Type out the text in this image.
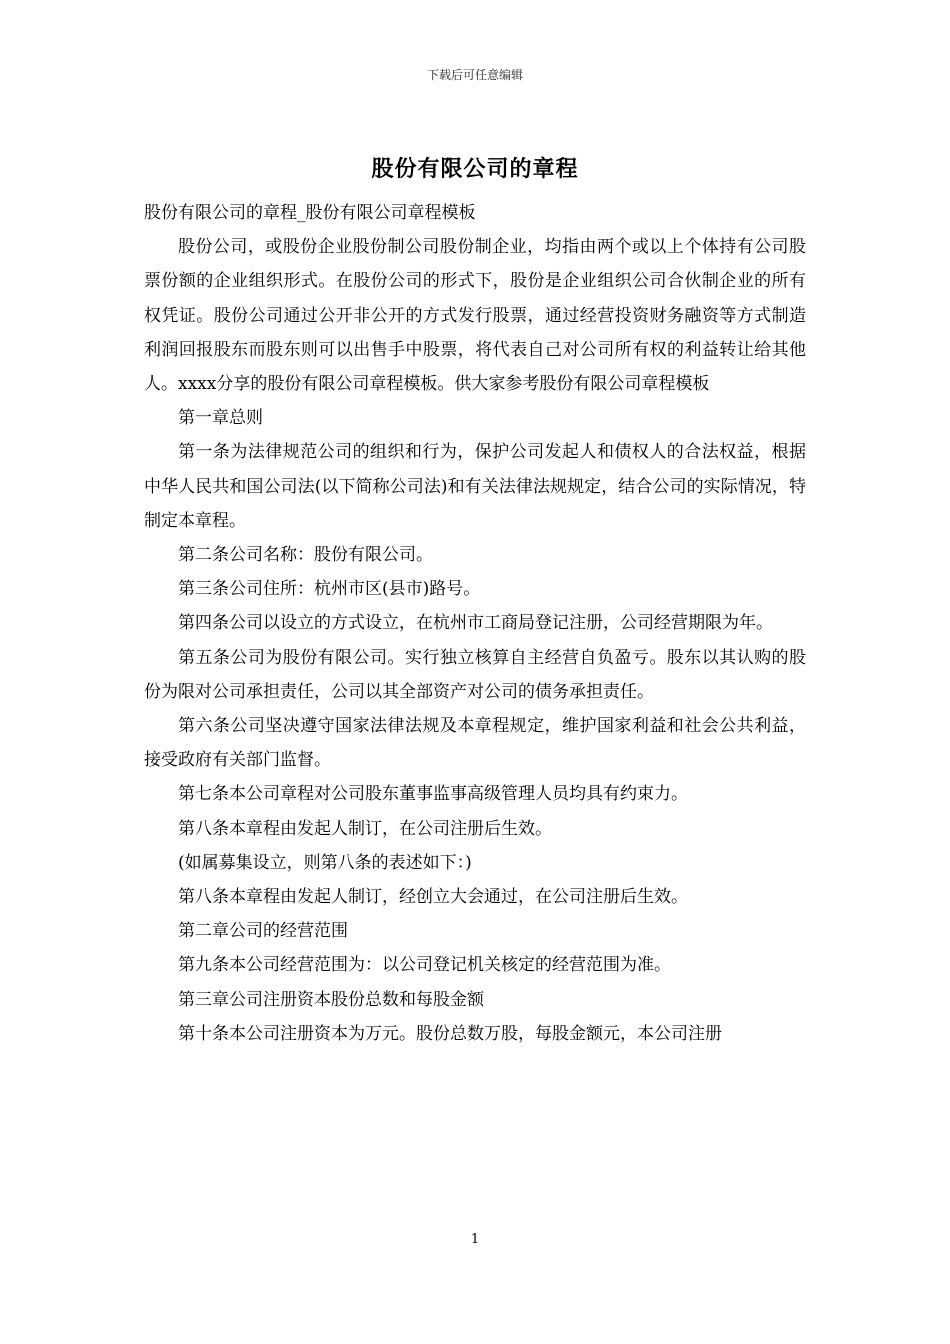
下载后可任意编辑
股份有限公司的章程

股份有限公司的章程_股份有限公司章程模板

股份公司，或股份企业股份制公司股份制企业，均指由两个或以上个体持有公司股票份额的企业组织形式。在股份公司的形式下，股份是企业组织公司合伙制企业的所有权凭证。股份公司通过公开非公开的方式发行股票，通过经营投资财务融资等方式制造利润回报股东而股东则可以出售手中股票，将代表自己对公司所有权的利益转让给其他人。xxxx分享的股份有限公司章程模板。供大家参考股份有限公司章程模板

第一章总则

第一条为法律规范公司的组织和行为，保护公司发起人和债权人的合法权益，根据中华人民共和国公司法(以下简称公司法)和有关法律法规规定，结合公司的实际情况，特制定本章程。

第二条公司名称：股份有限公司。

第三条公司住所：杭州市区(县市)路号。

第四条公司以设立的方式设立，在杭州市工商局登记注册，公司经营期限为年。

第五条公司为股份有限公司。实行独立核算自主经营自负盈亏。股东以其认购的股份为限对公司承担责任，公司以其全部资产对公司的债务承担责任。

第六条公司坚决遵守国家法律法规及本章程规定，维护国家利益和社会公共利益，接受政府有关部门监督。

第七条本公司章程对公司股东董事监事高级管理人员均具有约束力。

第八条本章程由发起人制订，在公司注册后生效。

(如属募集设立，则第八条的表述如下：)

第八条本章程由发起人制订，经创立大会通过，在公司注册后生效。

第二章公司的经营范围

第九条本公司经营范围为：以公司登记机关核定的经营范围为准。

第三章公司注册资本股份总数和每股金额

第十条本公司注册资本为万元。股份总数万股，每股金额元，本公司注册

1
